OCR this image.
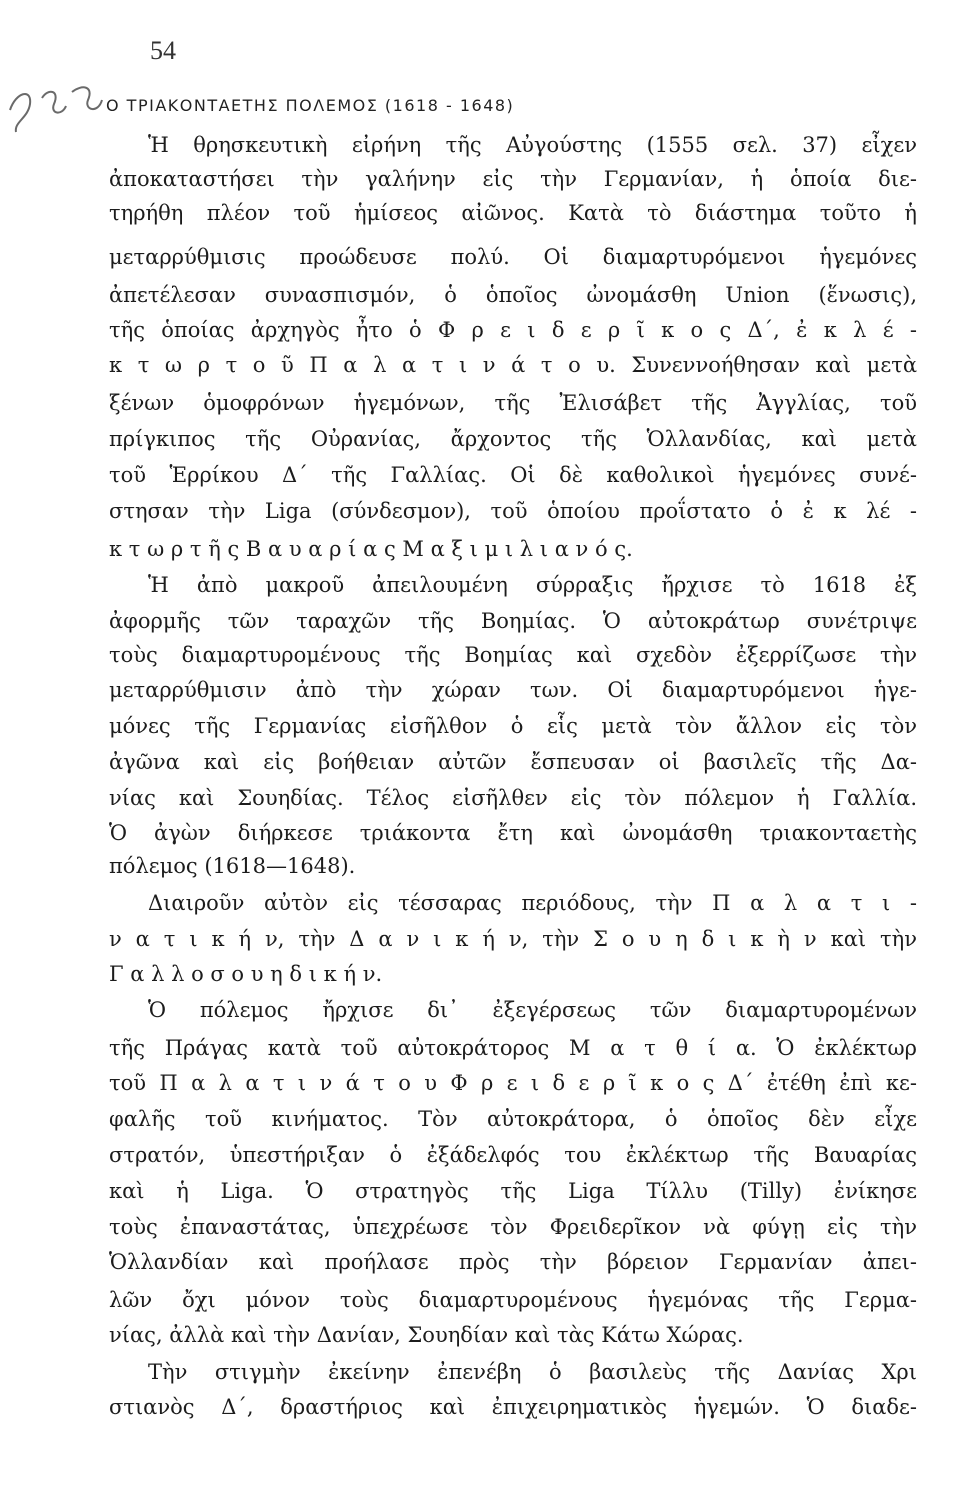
54
Ο ΤΡΙΑΚΟΝΤΑΕΤΗΣ ΠΟΛΕΜΟΣ (1618 - 1648)
Ἡ θρησκευτικὴ εἰρήνη τῆς Αὐγούστης (1555 σελ. 37) εἶχεν
ἀποκαταστήσει τὴν γαλήνην εἰς τὴν Γερμανίαν, ἡ ὁποία διε-
τηρήθη πλέον τοῦ ἡμίσεος αἰῶνος. Κατὰ τὸ διάστημα τοῦτο ἡ
μεταρρύθμισις προώδευσε πολύ. Οἱ διαμαρτυρόμενοι ἡγεμόνες
ἀπετέλεσαν συνασπισμόν, ὁ ὁποῖος ὠνομάσθη Union (ἕνωσις),
τῆς ὁποίας ἀρχηγὸς ἦτο ὁ Φ ρ ε ι δ ε ρ ῖ κ ο ς Δ΄, ἐ κ λ έ -
κ τ ω ρ τ ο ῦ Π α λ α τ ι ν ά τ ο υ. Συνεννοήθησαν καὶ μετὰ
ξένων ὁμοφρόνων ἡγεμόνων, τῆς Ἐλισάβετ τῆς Ἀγγλίας, τοῦ
πρίγκιπος τῆς Οὐρανίας, ἄρχοντος τῆς Ὁλλανδίας, καὶ μετὰ
τοῦ Ἑρρίκου Δ΄ τῆς Γαλλίας. Οἱ δὲ καθολικοὶ ἡγεμόνες συνέ-
στησαν τὴν Liga (σύνδεσμον), τοῦ ὁποίου προΐστατο ὁ ἐ κ λέ -
κ τ ω ρ τ ῆ ς Β α υ α ρ ί α ς Μ α ξ ι μ ι λ ι α ν ό ς.
Ἡ ἀπὸ μακροῦ ἀπειλουμένη σύρραξις ἤρχισε τὸ 1618 ἐξ
ἀφορμῆς τῶν ταραχῶν τῆς Βοημίας. Ὁ αὐτοκράτωρ συνέτριψε
τοὺς διαμαρτυρομένους τῆς Βοημίας καὶ σχεδὸν ἐξερρίζωσε τὴν
μεταρρύθμισιν ἀπὸ τὴν χώραν των. Οἱ διαμαρτυρόμενοι ἡγε-
μόνες τῆς Γερμανίας εἰσῆλθον ὁ εἷς μετὰ τὸν ἄλλον εἰς τὸν
ἀγῶνα καὶ εἰς βοήθειαν αὐτῶν ἔσπευσαν οἱ βασιλεῖς τῆς Δα-
νίας καὶ Σουηδίας. Τέλος εἰσῆλθεν εἰς τὸν πόλεμον ἡ Γαλλία.
Ὁ ἀγὼν διήρκεσε τριάκοντα ἔτη καὶ ὠνομάσθη τριακονταετὴς
πόλεμος (1618—1648).
Διαιροῦν αὐτὸν εἰς τέσσαρας περιόδους, τὴν Π α λ α τ ι -
ν α τ ι κ ή ν, τὴν Δ α ν ι κ ή ν, τὴν Σ ο υ η δ ι κ ὴ ν καὶ τὴν
Γ α λ λ ο σ ο υ η δ ι κ ή ν.
Ὁ πόλεμος ἤρχισε δι᾿ ἐξεγέρσεως τῶν διαμαρτυρομένων
τῆς Πράγας κατὰ τοῦ αὐτοκράτορος Μ α τ θ ί α. Ὁ ἐκλέκτωρ
τοῦ Π α λ α τ ι ν ά τ ο υ Φ ρ ε ι δ ε ρ ῖ κ ο ς Δ΄ ἐτέθη ἐπὶ κε-
φαλῆς τοῦ κινήματος. Τὸν αὐτοκράτορα, ὁ ὁποῖος δὲν εἶχε
στρατόν, ὑπεστήριξαν ὁ ἐξάδελφός του ἐκλέκτωρ τῆς Βαυαρίας
καὶ ἡ Liga. Ὁ στρατηγὸς τῆς Liga Τίλλυ (Tilly) ἐνίκησε
τοὺς ἐπαναστάτας, ὑπεχρέωσε τὸν Φρειδερῖκον νὰ φύγῃ εἰς τὴν
Ὁλλανδίαν καὶ προήλασε πρὸς τὴν βόρειον Γερμανίαν ἀπει-
λῶν ὄχι μόνον τοὺς διαμαρτυρομένους ἡγεμόνας τῆς Γερμα-
νίας, ἀλλὰ καὶ τὴν Δανίαν, Σουηδίαν καὶ τὰς Κάτω Χώρας.
Τὴν στιγμὴν ἐκείνην ἐπενέβη ὁ βασιλεὺς τῆς Δανίας Χρι
στιανὸς Δ΄, δραστήριος καὶ ἐπιχειρηματικὸς ἡγεμών. Ὁ διαδε-
